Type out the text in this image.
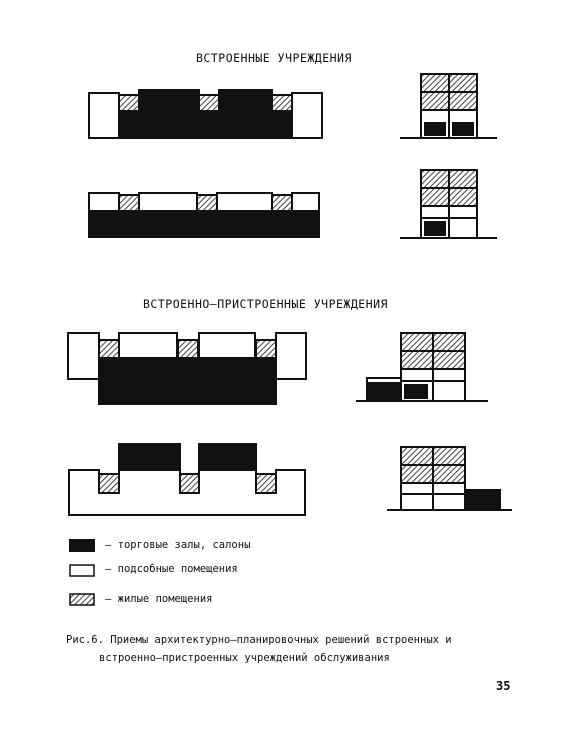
ВСТРОЕННЫЕ УЧРЕЖДЕНИЯ
ВСТРОЕННО–ПРИСТРОЕННЫЕ УЧРЕЖДЕНИЯ
– торговые залы, салоны
– подсобные помещения
– жилые помещения
Рис.6. Приемы архитектурно–планировочных решений встроенных и
встроенно–пристроенных учреждений обслуживания
35
